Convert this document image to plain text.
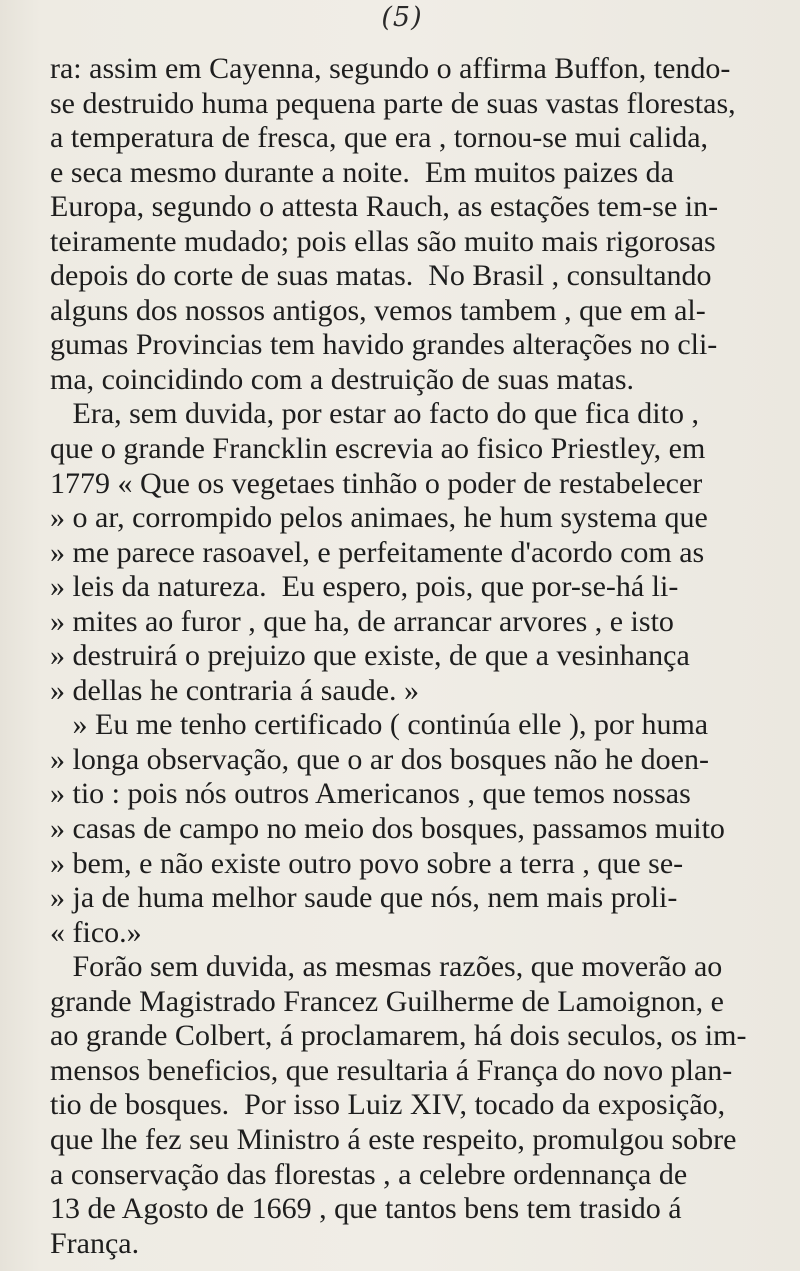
(5)
ra: assim em Cayenna, segundo o affirma Buffon, tendo-
se destruido huma pequena parte de suas vastas florestas,
a temperatura de fresca, que era , tornou-se mui calida,
e seca mesmo durante a noite.  Em muitos paizes da
Europa, segundo o attesta Rauch, as estações tem-se in-
teiramente mudado; pois ellas são muito mais rigorosas
depois do corte de suas matas.  No Brasil , consultando
alguns dos nossos antigos, vemos tambem , que em al-
gumas Provincias tem havido grandes alterações no cli-
ma, coincidindo com a destruição de suas matas.
Era, sem duvida, por estar ao facto do que fica dito ,
que o grande Francklin escrevia ao fisico Priestley, em
1779 « Que os vegetaes tinhão o poder de restabelecer
» o ar, corrompido pelos animaes, he hum systema que
» me parece rasoavel, e perfeitamente d'acordo com as
» leis da natureza.  Eu espero, pois, que por-se-há li-
» mites ao furor , que ha, de arrancar arvores , e isto
» destruirá o prejuizo que existe, de que a vesinhança
» dellas he contraria á saude. »
» Eu me tenho certificado ( continúa elle ), por huma
» longa observação, que o ar dos bosques não he doen-
» tio : pois nós outros Americanos , que temos nossas
» casas de campo no meio dos bosques, passamos muito
» bem, e não existe outro povo sobre a terra , que se-
» ja de huma melhor saude que nós, nem mais proli-
« fico.»
Forão sem duvida, as mesmas razões, que moverão ao
grande Magistrado Francez Guilherme de Lamoignon, e
ao grande Colbert, á proclamarem, há dois seculos, os im-
mensos beneficios, que resultaria á França do novo plan-
tio de bosques.  Por isso Luiz XIV, tocado da exposição,
que lhe fez seu Ministro á este respeito, promulgou sobre
a conservação das florestas , a celebre ordennança de
13 de Agosto de 1669 , que tantos bens tem trasido á
França.
